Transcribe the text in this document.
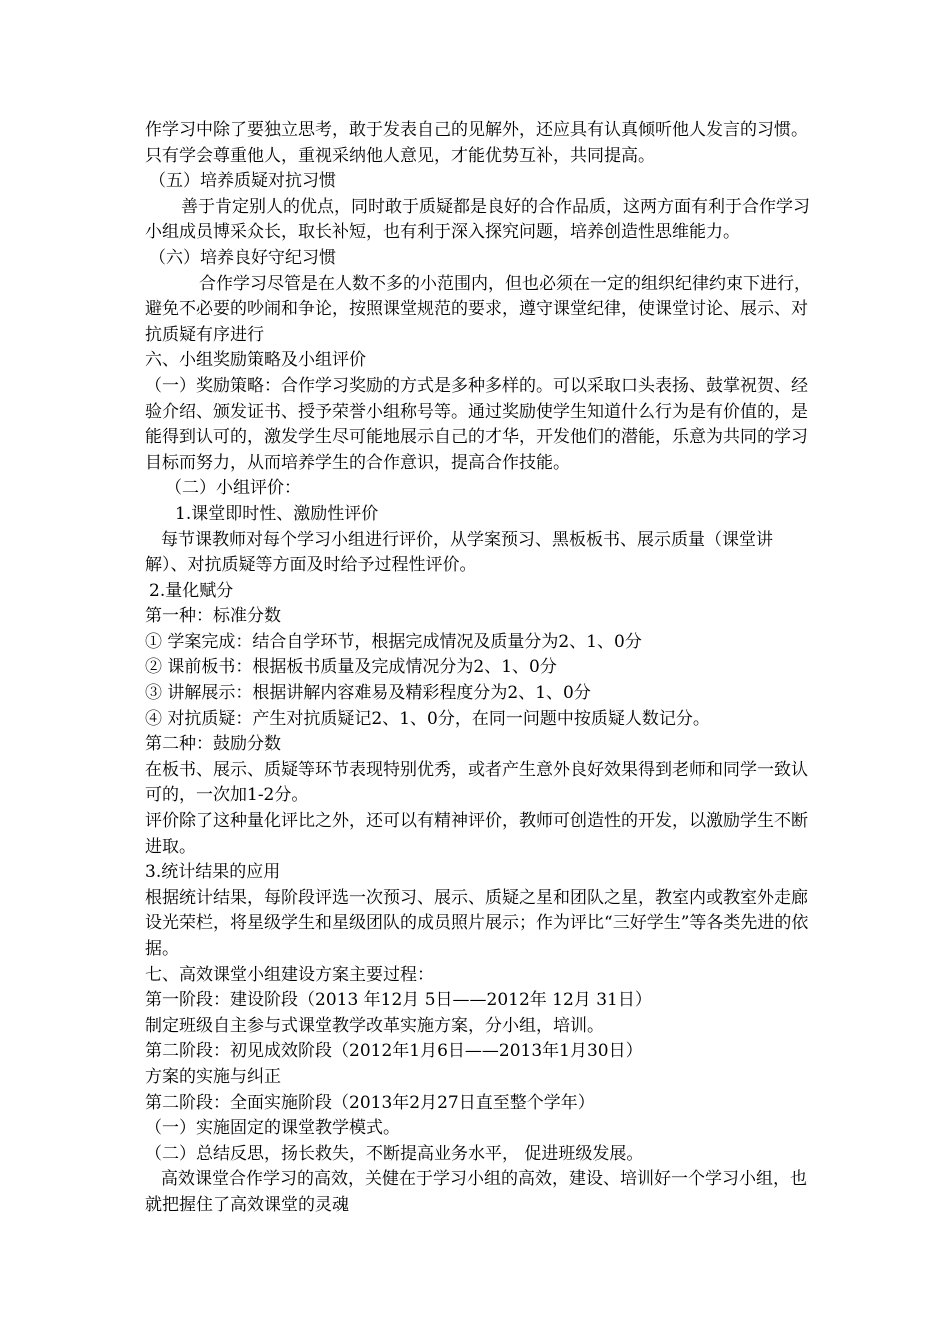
作学习中除了要独立思考，敢于发表自己的见解外，还应具有认真倾听他人发言的习惯。只有学会尊重他人，重视采纳他人意见，才能优势互补，共同提高。

（五）培养质疑对抗习惯

善于肯定别人的优点，同时敢于质疑都是良好的合作品质，这两方面有利于合作学习小组成员博采众长，取长补短，也有利于深入探究问题，培养创造性思维能力。

（六）培养良好守纪习惯

合作学习尽管是在人数不多的小范围内，但也必须在一定的组织纪律约束下进行，避免不必要的吵闹和争论，按照课堂规范的要求，遵守课堂纪律，使课堂讨论、展示、对抗质疑有序进行

六、小组奖励策略及小组评价

（一）奖励策略：合作学习奖励的方式是多种多样的。可以采取口头表扬、鼓掌祝贺、经验介绍、颁发证书、授予荣誉小组称号等。通过奖励使学生知道什么行为是有价值的，是能得到认可的，激发学生尽可能地展示自己的才华，开发他们的潜能，乐意为共同的学习目标而努力，从而培养学生的合作意识，提高合作技能。

（二）小组评价：

1.课堂即时性、激励性评价

每节课教师对每个学习小组进行评价，从学案预习、黑板板书、展示质量（课堂讲解）、对抗质疑等方面及时给予过程性评价。

2.量化赋分

第一种：标准分数

① 学案完成：结合自学环节，根据完成情况及质量分为2、1、0分

② 课前板书：根据板书质量及完成情况分为2、1、0分

③ 讲解展示：根据讲解内容难易及精彩程度分为2、1、0分

④ 对抗质疑：产生对抗质疑记2、1、0分，在同一问题中按质疑人数记分。

第二种：鼓励分数

在板书、展示、质疑等环节表现特别优秀，或者产生意外良好效果得到老师和同学一致认可的，一次加1-2分。

评价除了这种量化评比之外，还可以有精神评价，教师可创造性的开发，以激励学生不断进取。

3.统计结果的应用

根据统计结果，每阶段评选一次预习、展示、质疑之星和团队之星，教室内或教室外走廊设光荣栏，将星级学生和星级团队的成员照片展示；作为评比“三好学生”等各类先进的依据。

七、高效课堂小组建设方案主要过程：

第一阶段：建设阶段（2013 年12月 5日——2012年 12月 31日）

制定班级自主参与式课堂教学改革实施方案，分小组，培训。

第二阶段：初见成效阶段（2012年1月6日——2013年1月30日）

方案的实施与纠正

第二阶段：全面实施阶段（2013年2月27日直至整个学年）

（一）实施固定的课堂教学模式。

（二）总结反思，扬长救失，不断提高业务水平， 促进班级发展。

高效课堂合作学习的高效，关健在于学习小组的高效，建设、培训好一个学习小组，也就把握住了高效课堂的灵魂
